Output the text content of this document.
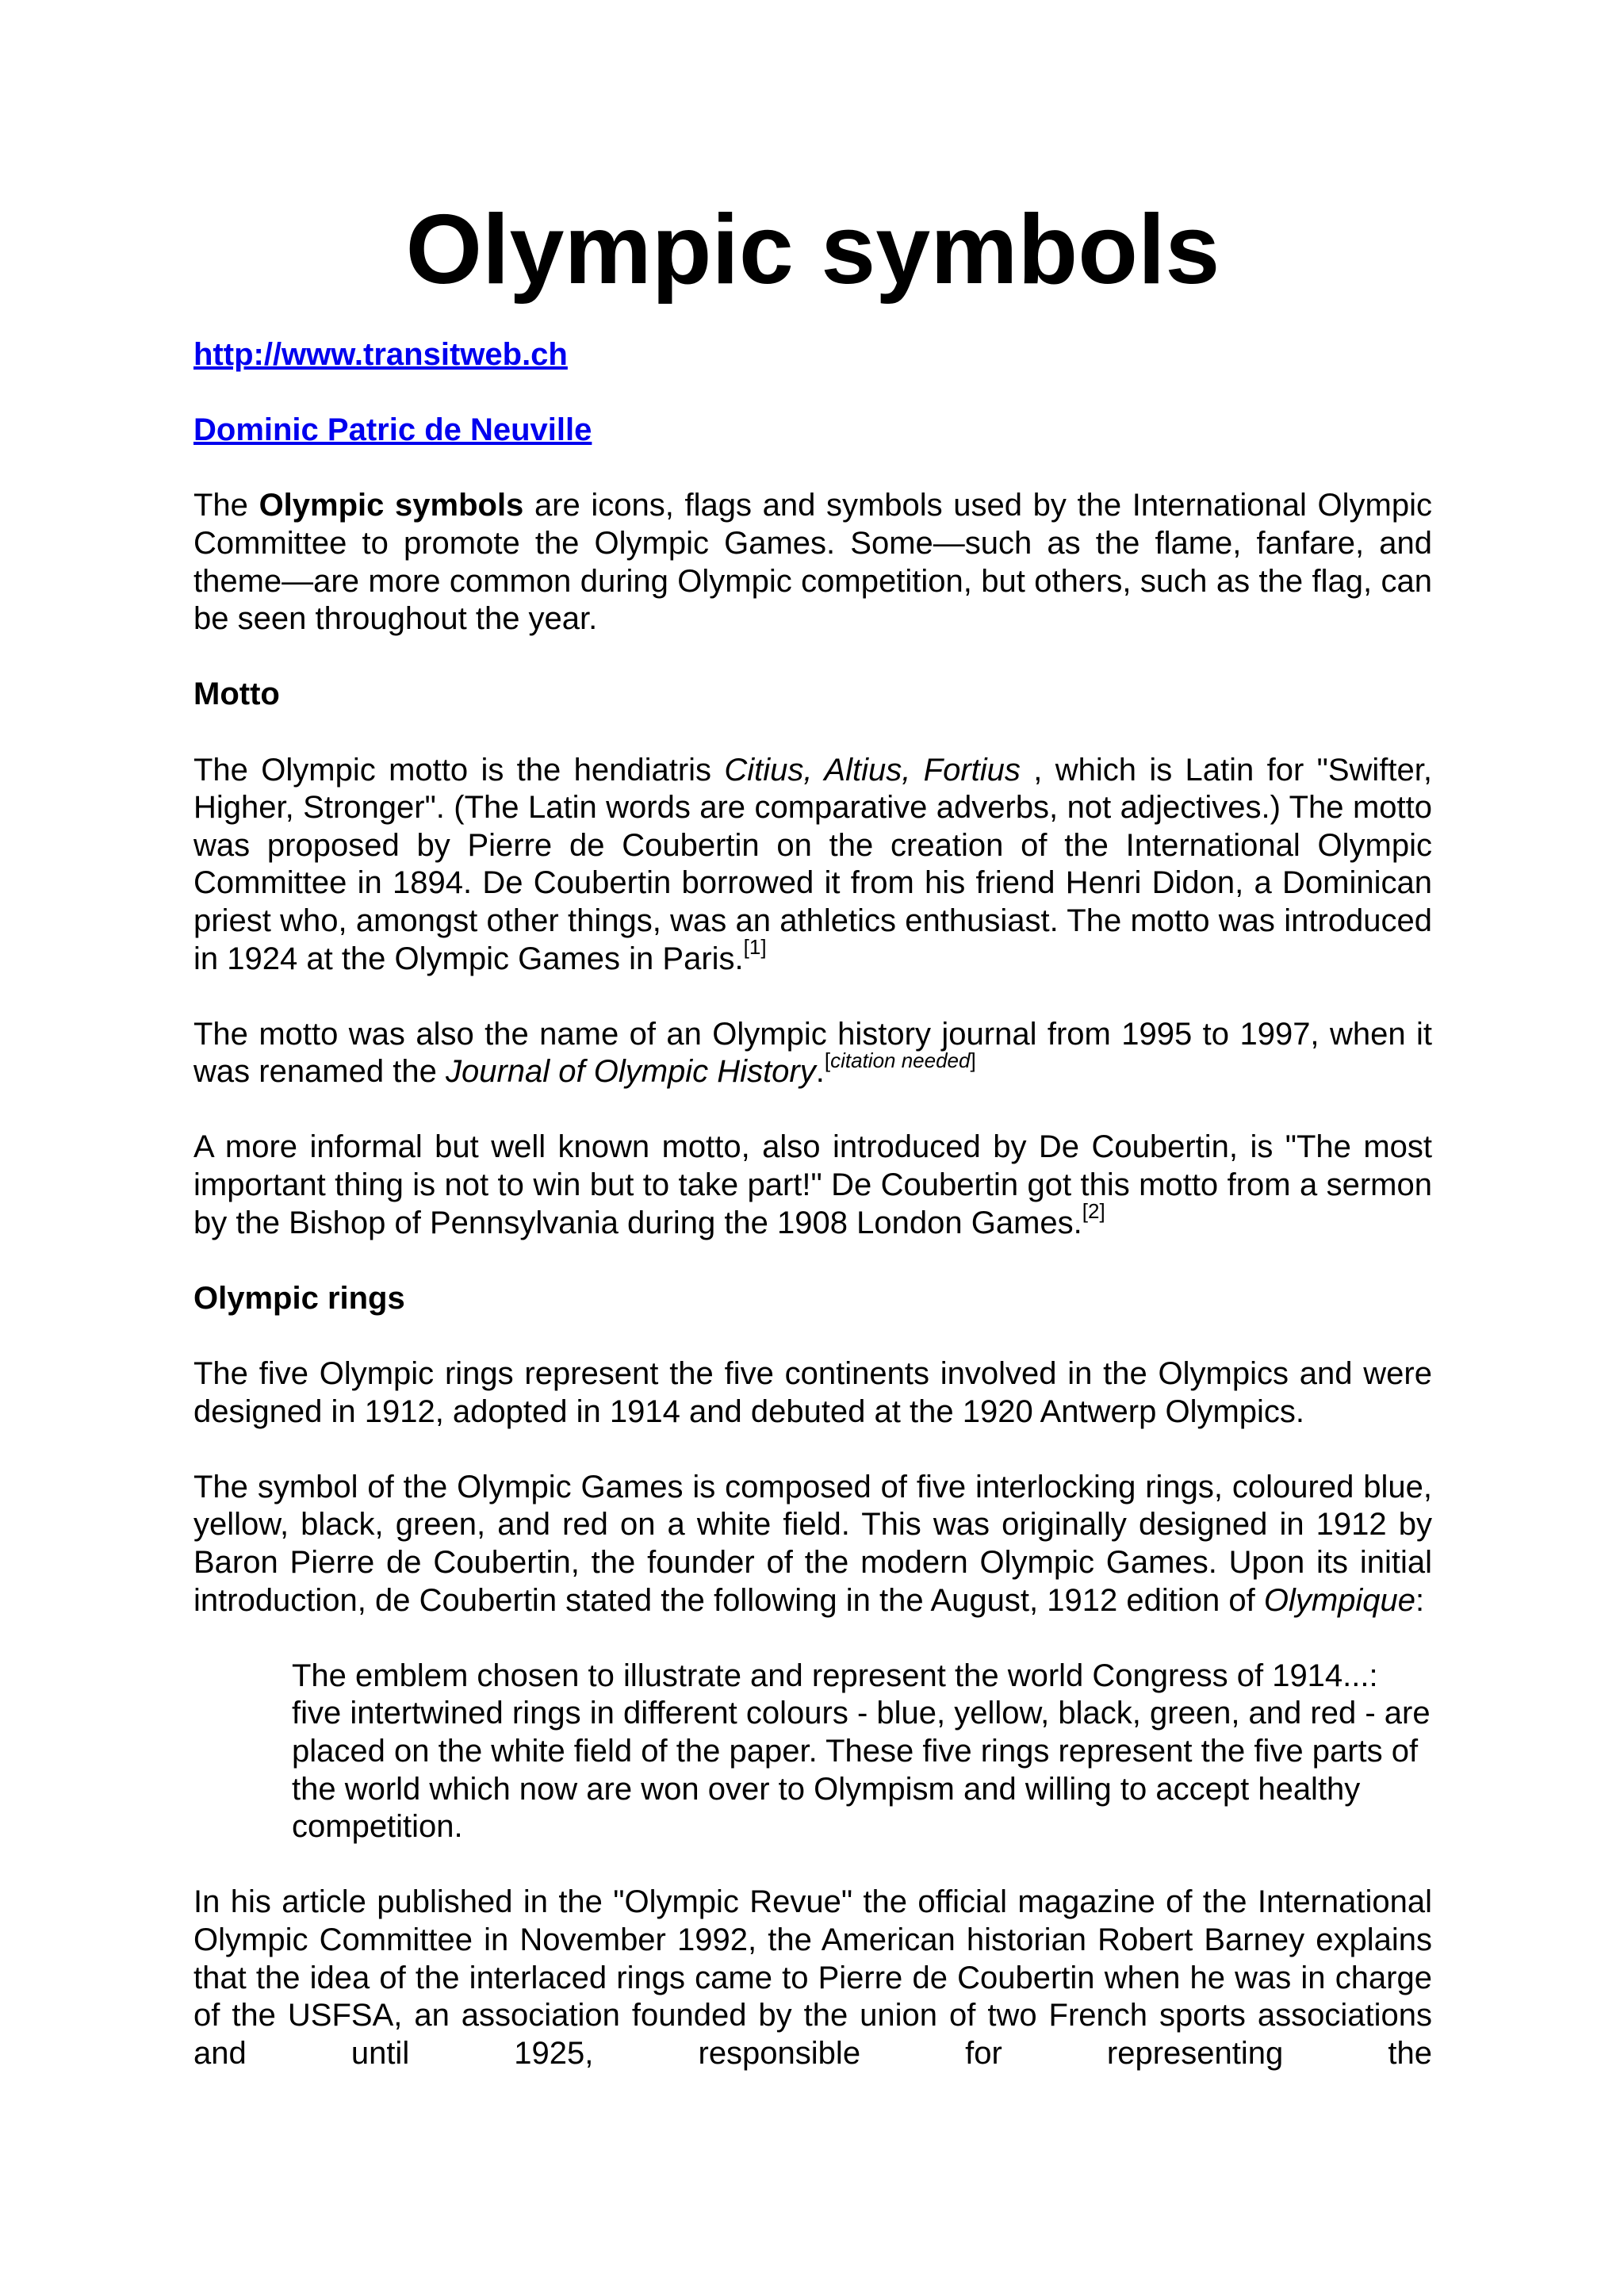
Olympic symbols

http://www.transitweb.ch

Dominic Patric de Neuville

The Olympic symbols are icons, flags and symbols used by the International Olympic Committee to promote the Olympic Games. Some—such as the flame, fanfare, and theme—are more common during Olympic competition, but others, such as the flag, can be seen throughout the year.

Motto

The Olympic motto is the hendiatris Citius, Altius, Fortius , which is Latin for "Swifter, Higher, Stronger". (The Latin words are comparative adverbs, not adjectives.) The motto was proposed by Pierre de Coubertin on the creation of the International Olympic Committee in 1894. De Coubertin borrowed it from his friend Henri Didon, a Dominican priest who, amongst other things, was an athletics enthusiast. The motto was introduced in 1924 at the Olympic Games in Paris.[1]

The motto was also the name of an Olympic history journal from 1995 to 1997, when it was renamed the Journal of Olympic History.[citation needed]

A more informal but well known motto, also introduced by De Coubertin, is "The most important thing is not to win but to take part!" De Coubertin got this motto from a sermon by the Bishop of Pennsylvania during the 1908 London Games.[2]

Olympic rings

The five Olympic rings represent the five continents involved in the Olympics and were designed in 1912, adopted in 1914 and debuted at the 1920 Antwerp Olympics.

The symbol of the Olympic Games is composed of five interlocking rings, coloured blue, yellow, black, green, and red on a white field. This was originally designed in 1912 by Baron Pierre de Coubertin, the founder of the modern Olympic Games. Upon its initial introduction, de Coubertin stated the following in the August, 1912 edition of Olympique:

The emblem chosen to illustrate and represent the world Congress of 1914...: five intertwined rings in different colours - blue, yellow, black, green, and red - are placed on the white field of the paper. These five rings represent the five parts of the world which now are won over to Olympism and willing to accept healthy competition.

In his article published in the "Olympic Revue" the official magazine of the International Olympic Committee in November 1992, the American historian Robert Barney explains that the idea of the interlaced rings came to Pierre de Coubertin when he was in charge of the USFSA, an association founded by the union of two French sports associations and until 1925, responsible for representing the
